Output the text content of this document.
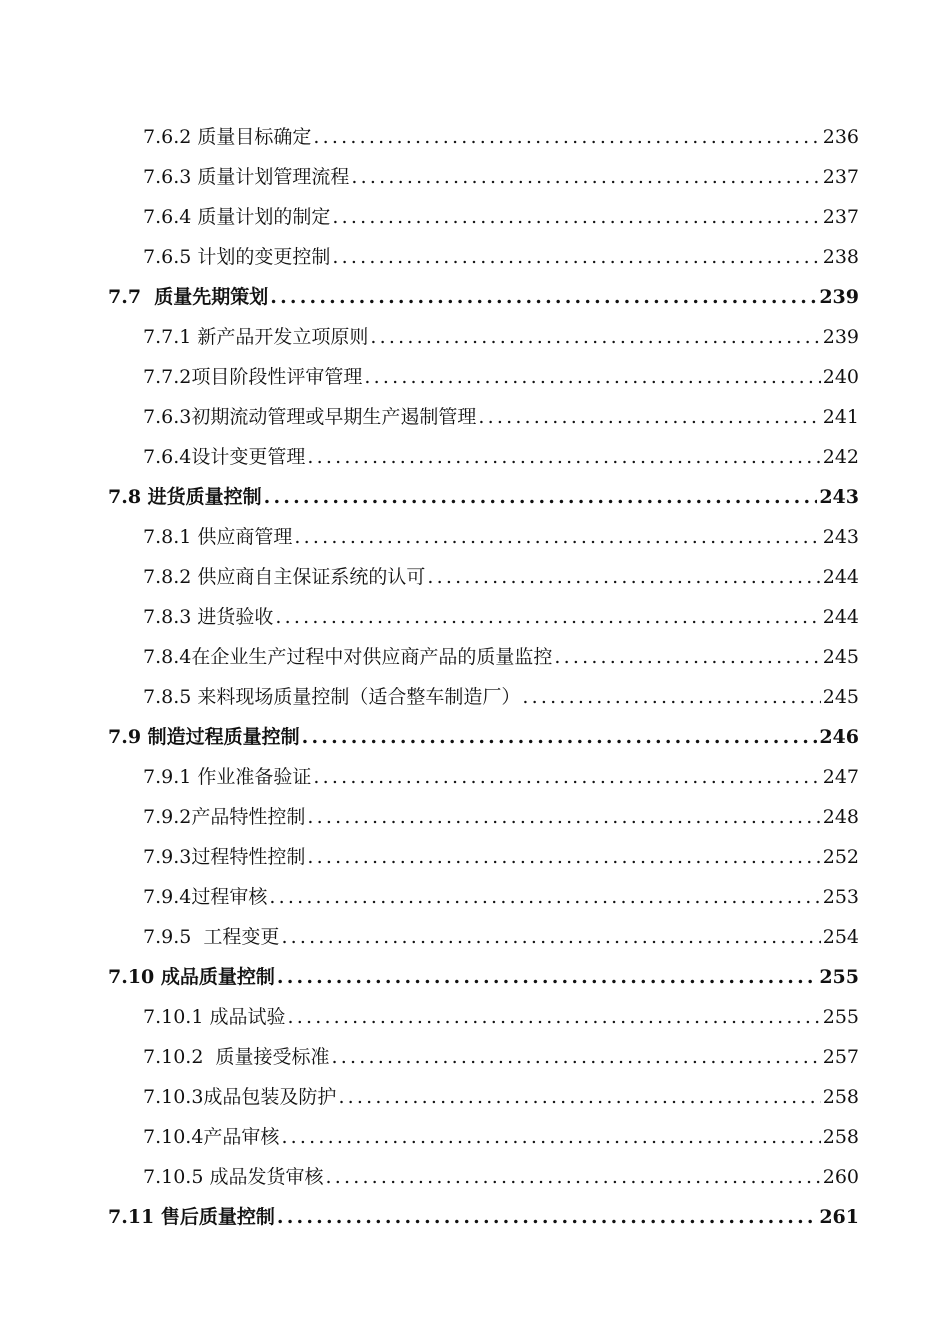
7.6.2 质量目标确定 .....	236
7.6.3 质量计划管理流程 .....	237
7.6.4 质量计划的制定 .....	237
7.6.5 计划的变更控制 .....	238
7.7  质量先期策划 .....	239
7.7.1 新产品开发立项原则 .....	239
7.7.2项目阶段性评审管理 .....	240
7.6.3初期流动管理或早期生产遏制管理 .....	241
7.6.4设计变更管理 .....	242
7.8 进货质量控制 .....	243
7.8.1 供应商管理 .....	243
7.8.2 供应商自主保证系统的认可 .....	244
7.8.3 进货验收 .....	244
7.8.4在企业生产过程中对供应商产品的质量监控 .....	245
7.8.5 来料现场质量控制（适合整车制造厂） .....	245
7.9 制造过程质量控制 .....	246
7.9.1 作业准备验证 .....	247
7.9.2产品特性控制 .....	248
7.9.3过程特性控制 .....	252
7.9.4过程审核 .....	253
7.9.5  工程变更 .....	254
7.10 成品质量控制 .....	255
7.10.1 成品试验 .....	255
7.10.2  质量接受标准 .....	257
7.10.3成品包装及防护 .....	258
7.10.4产品审核 .....	258
7.10.5 成品发货审核 .....	260
7.11 售后质量控制 .....	261
